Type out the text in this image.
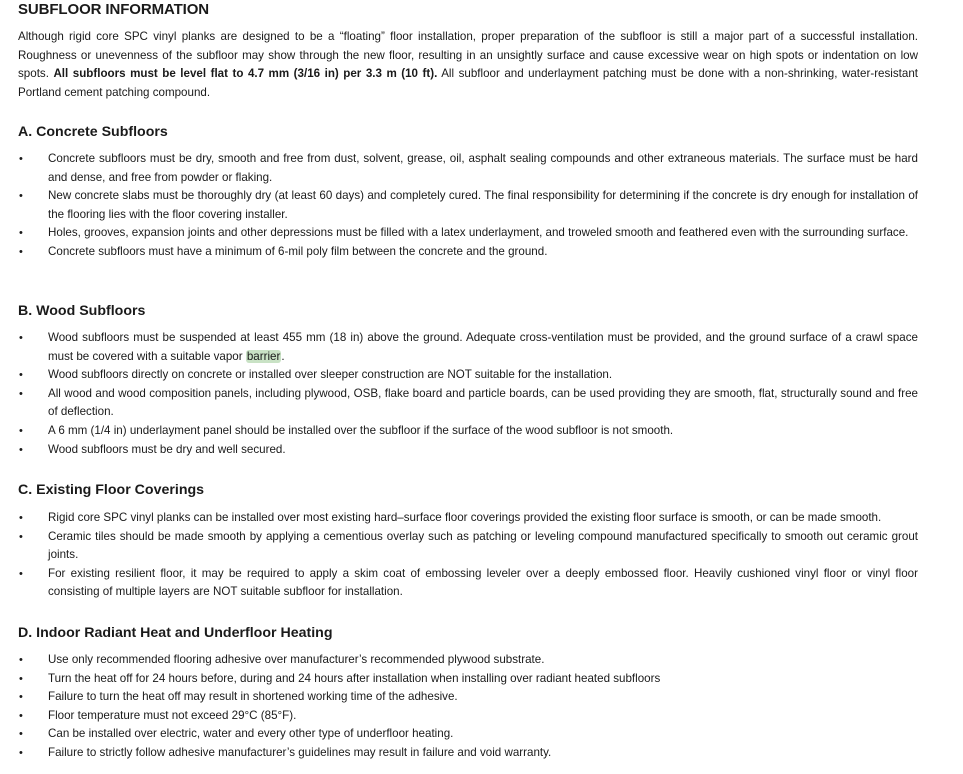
SUBFLOOR INFORMATION

Although rigid core SPC vinyl planks are designed to be a “floating” floor installation, proper preparation of the subfloor is still a major part of a successful installation. Roughness or unevenness of the subfloor may show through the new floor, resulting in an unsightly surface and cause excessive wear on high spots or indentation on low spots. All subfloors must be level flat to 4.7 mm (3/16 in) per 3.3 m (10 ft). All subfloor and underlayment patching must be done with a non-shrinking, water-resistant Portland cement patching compound.

A. Concrete Subfloors
• Concrete subfloors must be dry, smooth and free from dust, solvent, grease, oil, asphalt sealing compounds and other extraneous materials. The surface must be hard and dense, and free from powder or flaking.
• New concrete slabs must be thoroughly dry (at least 60 days) and completely cured. The final responsibility for determining if the concrete is dry enough for installation of the flooring lies with the floor covering installer.
• Holes, grooves, expansion joints and other depressions must be filled with a latex underlayment, and troweled smooth and feathered even with the surrounding surface.
• Concrete subfloors must have a minimum of 6-mil poly film between the concrete and the ground.
B. Wood Subfloors
• Wood subfloors must be suspended at least 455 mm (18 in) above the ground. Adequate cross-ventilation must be provided, and the ground surface of a crawl space must be covered with a suitable vapor barrier.
• Wood subfloors directly on concrete or installed over sleeper construction are NOT suitable for the installation.
• All wood and wood composition panels, including plywood, OSB, flake board and particle boards, can be used providing they are smooth, flat, structurally sound and free of deflection.
• A 6 mm (1/4 in) underlayment panel should be installed over the subfloor if the surface of the wood subfloor is not smooth.
• Wood subfloors must be dry and well secured.
C. Existing Floor Coverings
• Rigid core SPC vinyl planks can be installed over most existing hard–surface floor coverings provided the existing floor surface is smooth, or can be made smooth.
• Ceramic tiles should be made smooth by applying a cementious overlay such as patching or leveling compound manufactured specifically to smooth out ceramic grout joints.
• For existing resilient floor, it may be required to apply a skim coat of embossing leveler over a deeply embossed floor. Heavily cushioned vinyl floor or vinyl floor consisting of multiple layers are NOT suitable subfloor for installation.
D. Indoor Radiant Heat and Underfloor Heating
• Use only recommended flooring adhesive over manufacturer’s recommended plywood substrate.
• Turn the heat off for 24 hours before, during and 24 hours after installation when installing over radiant heated subfloors
• Failure to turn the heat off may result in shortened working time of the adhesive.
• Floor temperature must not exceed 29°C (85°F).
• Can be installed over electric, water and every other type of underfloor heating.
• Failure to strictly follow adhesive manufacturer’s guidelines may result in failure and void warranty.
